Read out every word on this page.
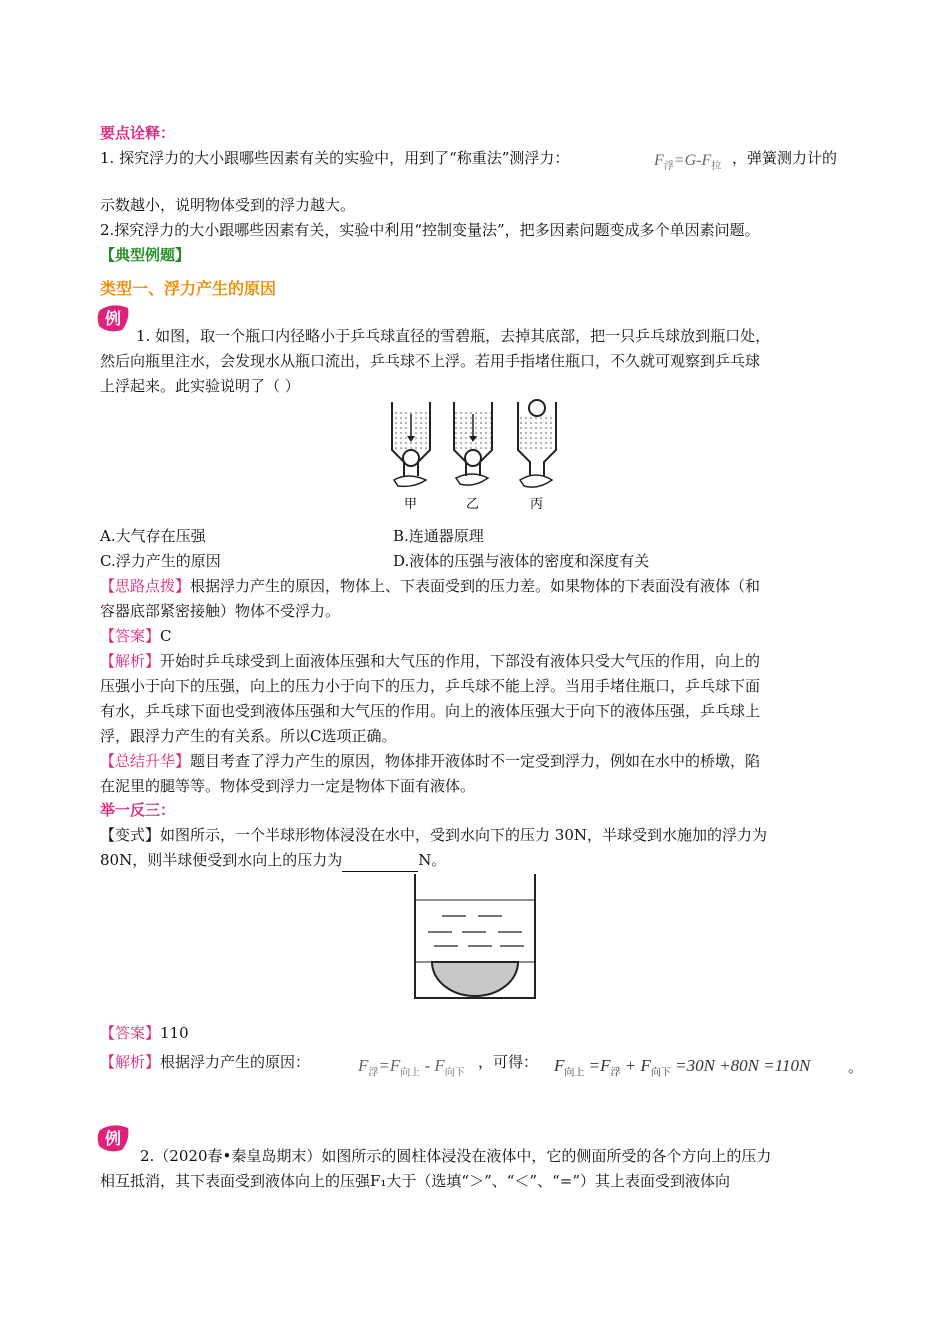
要点诠释：
1. 探究浮力的大小跟哪些因素有关的实验中，用到了“称重法”测浮力：	$F_浮=G-F_拉$ ，弹簧测力计的
示数越小，说明物体受到的浮力越大。
2.探究浮力的大小跟哪些因素有关，实验中利用“控制变量法”，把多因素问题变成多个单因素问题。
【典型例题】
类型一、浮力产生的原因
例
1. 如图，取一个瓶口内径略小于乒乓球直径的雪碧瓶，去掉其底部，把一只乒乓球放到瓶口处，
然后向瓶里注水，会发现水从瓶口流出，乒乓球不上浮。若用手指堵住瓶口，不久就可观察到乒乓球
上浮起来。此实验说明了（ ）
甲	乙	丙
A.大气存在压强	B.连通器原理
C.浮力产生的原因	D.液体的压强与液体的密度和深度有关
【思路点拨】根据浮力产生的原因，物体上、下表面受到的压力差。如果物体的下表面没有液体（和
容器底部紧密接触）物体不受浮力。
【答案】C
【解析】开始时乒乓球受到上面液体压强和大气压的作用，下部没有液体只受大气压的作用，向上的
压强小于向下的压强，向上的压力小于向下的压力，乒乓球不能上浮。当用手堵住瓶口，乒乓球下面
有水，乒乓球下面也受到液体压强和大气压的作用。向上的液体压强大于向下的液体压强，乒乓球上
浮，跟浮力产生的有关系。所以C选项正确。
【总结升华】题目考查了浮力产生的原因，物体排开液体时不一定受到浮力，例如在水中的桥墩，陷
在泥里的腿等等。物体受到浮力一定是物体下面有液体。
举一反三：
【变式】如图所示，一个半球形物体浸没在水中，受到水向下的压力 30N，半球受到水施加的浮力为
80N，则半球便受到水向上的压力为	N。
【答案】110
【解析】根据浮力产生的原因：	$F_浮=F_{向上} - F_{向下}$
，可得： $F_{向上} =F_浮 + F_{向下} =30N +80N =110N$	。
例
2.（2020春•秦皇岛期末）如图所示的圆柱体浸没在液体中，它的侧面所受的各个方向上的压力
相互抵消，其下表面受到液体向上的压强F₁大于（选填“＞”、“＜”、“=”）其上表面受到液体向
